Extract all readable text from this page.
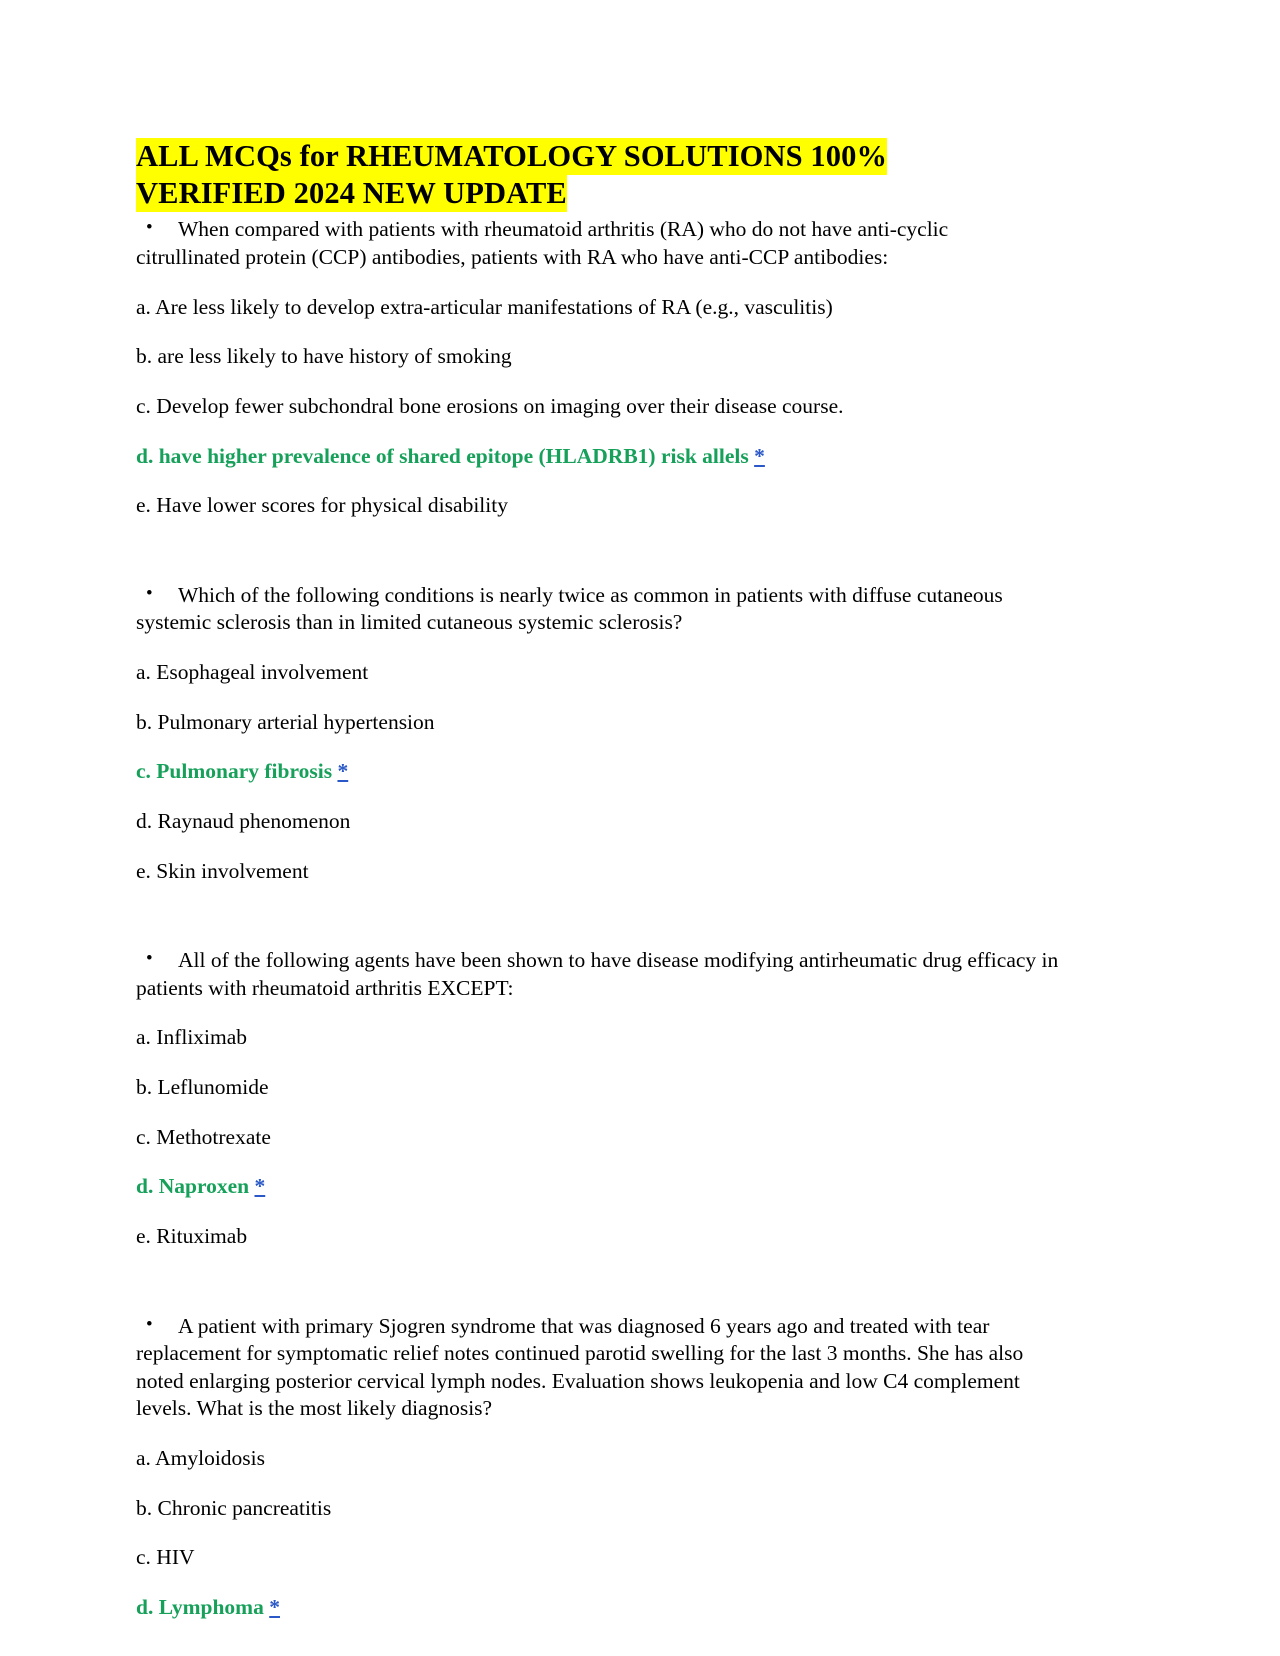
ALL MCQs for RHEUMATOLOGY SOLUTIONS 100%
VERIFIED 2024 NEW UPDATE

• When compared with patients with rheumatoid arthritis (RA) who do not have anti-cyclic citrullinated protein (CCP) antibodies, patients with RA who have anti-CCP antibodies:

a. Are less likely to develop extra-articular manifestations of RA (e.g., vasculitis)

b. are less likely to have history of smoking

c. Develop fewer subchondral bone erosions on imaging over their disease course.

d. have higher prevalence of shared epitope (HLADRB1) risk allels *

e. Have lower scores for physical disability

• Which of the following conditions is nearly twice as common in patients with diffuse cutaneous systemic sclerosis than in limited cutaneous systemic sclerosis?

a. Esophageal involvement

b. Pulmonary arterial hypertension

c. Pulmonary fibrosis *

d. Raynaud phenomenon

e. Skin involvement

• All of the following agents have been shown to have disease modifying antirheumatic drug efficacy in patients with rheumatoid arthritis EXCEPT:

a. Infliximab

b. Leflunomide

c. Methotrexate

d. Naproxen *

e. Rituximab

• A patient with primary Sjogren syndrome that was diagnosed 6 years ago and treated with tear replacement for symptomatic relief notes continued parotid swelling for the last 3 months. She has also noted enlarging posterior cervical lymph nodes. Evaluation shows leukopenia and low C4 complement levels. What is the most likely diagnosis?

a. Amyloidosis

b. Chronic pancreatitis

c. HIV

d. Lymphoma *
